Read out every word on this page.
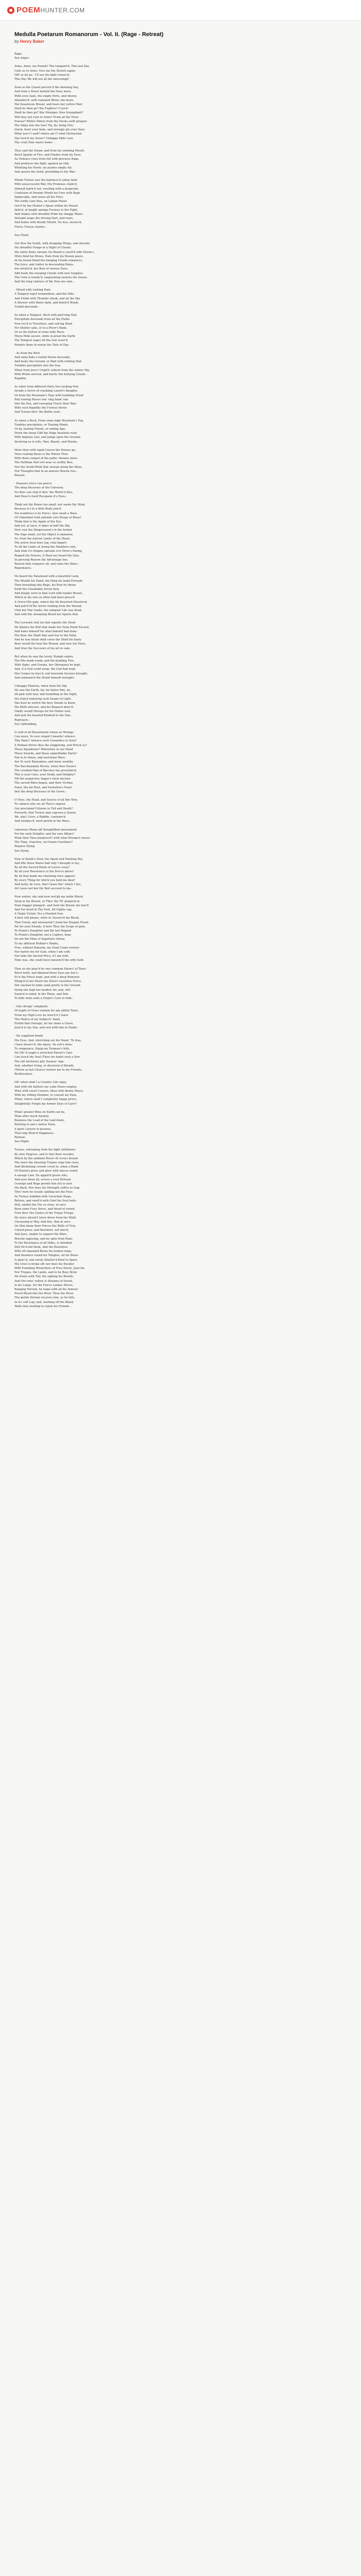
POEMHUNTER.COM
Medulla Poetarum Romanorum - Vol. II. (Rage - Retreat)
by Henry Baker
Rage.
See Anger.
Arms, Arms, my friends! The rampant'd, This last Day
Calls us to Arms: Give me the Streets again:
Off! or fat go - I'll see the fight renew'd;
This Day We will not all die unrevengd! -
Soon as the Queen perceiv'd the dawning Day,
And from a Tower beheld the Navy move
With even Sails, the empty Ports, and Shores
Abandon'd: with repeated Blows she beats
Her beauteous Breast, and tears her yellow Hair:
Shall he then go? the Fugitive? O Jove!
Shall he then go? this Stranger, thus triumphant?
Will they not rush to Arms? From all the Town
Pursue? Whilst Others from the Docks swift prepare
The Ships into the Sea? Fly, fly; bring Fire;
Quick, hoist your Sails, and strongly ply your Oars:
What was't I said? where am I? what Distraction
Has turn'd my Sense? Unhappy Dido! now
Thy cruel Fate stares home. -
Thus said the Swain; and from his smoking Mouth
Burst Sparks of Fire, and Flashes from his Eyes.
As Violence rises from full with precious Rage,
And produces the fight: against an Oak
Whetting his Horns, he pushes empty Air,
And spurns the Sand, prelulding to the War. -
Whom Turnus saw the hairness'd Latins faint
With unsuccessful War, His Promises claim'd,
Himself mark'd out; swelling with a desperate
Confusion of Dreams Wrath his Fury with Rage
Implacable, and raises all his Fires.
The lordly Lion thus, on Lybian Plains
Gor'd by the Hunter's Spear within his Breast
Infix'd, at length springs Furious to the Fight,
And shakes with dreadful Pride his shaggy Mane:
Intrepid snaps the driving Dart, and roars,
And foams with bloody Mouth. No less, incens'd,
Fierce Turnus storms:-
-
See Flood.
Out flew the South, with dropping Wings, and shrouds
His dreadful Visage in a Night of Clouds;
His white Hairs stream; his Beard is swell'd with Storm's,
Mists bind his Brows, Rain from his Bosom pours.
At his broad Hand the hanging Clouds romances,
The Juice, and clatter in descending Rains.
Iris entwin'd, her Bow of various Dyes,
Add feeds the weeping Clouds with new Supplies.
The Corn is totally'd, languishing mourns the Swain:
And the long Labours of the Year are vain. -
- Mixed with rushing Rain
A Tempest rag'd tremendous; and the Hills
And Fields with Thunder shook, and all the Sky
A Shower with Water dark, and finish'd Winds
Turbid descends.-
As when a Tempest, thick with part'ring Hail,
Precipitate descends from all the Fields
Now try'd to Travellers, and sail'ing Hind,
For Shelter sails, or in a River's Bank,
Or as the hollow of some lofty Rock:
There Hide secure, while in great the Earth
The Tempest rages till the Sun resor'd
Permits them to renew the Toils of Day. -
- As from the West
And rainy Kids a turbid Storm descends,
And beats the Ground, or filed with rattling Hail
Tumbles precipitate into the Sea;
When from Jove's Ungirls vehicle from the watery Sky
With Winds arrived, and bursts the bellying Clouds -
Rapidity.
As when from different Parts two rushing Pots
Invade a Grove of crackling Laurel's Boughts:
Or from the Mountain's Tops with tumbling Flood
Roll roaring Rivers tow 'ring foam' ran
Into the Sea, and sweeping Tracts their Way:
With such Rapidity the Furious Heros
And Turnus thro' the Battle rush.-
As when a Rock, From some high Mountain's Top,
Tumbles precipitate, or Tearing Winds,
Or by, tearing Floods, or ending Age,
Down the steep Cliff the Huge Insatiate rush:
With Impulse vast, and jumps upon the Ground;
Involving as it rolls, Men, Beasts, and Woods.-
More then with rapid Course the Horses go;
Then rushing Beers is the Winter Flow
With them compel of the paths' dreams show:
The Parthian Dart not near so swiftly flies,
Nor the South-Wind that sweeps along the Skies,
Nor Thoughts that in an anxious Bosom rise.-
Reason.
- Reason's force can pierce
The deep Recesses of the Universe;
No Bars can stop it thro' the World it flies,
And Heav'n itself Recopens it's Eyes.-
Think not thy Power too small: nor waste thy Mind,
Because it's to a little Body join'd:
For wondrous is its Force;- how small a Mass
Of Unbended Gold entends vast Heaps of Brass!
Think that is the Apple of the Eye:
And yet, at once, it takes in half the Sky.
How vast the Dimpression's in the formal
The Sign small, yet the Object is immense.
So, from the narrow Limits of thy Heart,
The active Soul does tug, vital Impart
To all the Limbs of, being the Members own,
And wide it's Empire spreads o'er Drive's Paring,
Regard thy Powers, O Reas'ner heard thy Size;
In piercing Reason thy Advantage lies;
Reason that conquers all, and rules the Skies.-
Repentance.
He heard the Falsehood with a mournful Look,
The Wealth his Hand, the Harp his hand Forsook:
Then bewailing into Rage, his Bow he throw
Swift the Unsuitable Arrow flew,
And deeply wore in that Lord with tender Breast,
Which in his own so often had been press'd.
A Grove-Vile gain, where the Ah dissolved Dissolved,
And pull'd th'He Arrow reeking from the Wound;
Chin her Fair Limbs, the rampant Life was dead;
And with the streaming Blood her Spirits fled.
The Lovesick God too late repents the Deed:
He blames the Bolt that made her Fatal Hand Exceed,
And hates himself for what himself had done:
The Bow, the Shaft that sent her to the Fatal,
And he was blush shall curse the Shaft his hasty
Bent would the heal the Wound, and rave her Piers,
And tries the Succours of his art in vain.
But when he saw the lovely Nymph expire,
The Pile made ready, and the kindling Fire;
With Sighs, and Groans, her Obsequies he kept,
And, if a God could weep, the God had wept.
Her Corpse he kiss'd, and heavenly Incense brought,
And solemniz'd the Death himself wrought.-
Unhappy Phaeton, when from the Sky
He saw the Earth, far, far below him, lie,
All pale with fear, and trembling at the Sight,
His trim'd enduring such Seams of Light,
Has best he wish'd the fiery Steeds to know,
His Birth obscure, and his Request deny'd:
Gladly would Merops for his Father own,
And quit his boasted Kindred to the Sun.-
Reproach.-
See Upbraiding.
O void of all Resentment whom no Wrongs
Can move, Ye ever stupid Cowards! whence
This Panic? whence such Cowardice in Soul?
A Woman drives thus the staggering, and Wreck us?
These Squadrons? Wherefore in our Hand
These Swords, and those unprofitable Darts?
Not in to Venus, and nocturnal Wars:
Are Ye such Ransomies, and more wealthy
The Bacchanalian Revels, when thee Fossics
The crooked Pipe of Bacchus has proclaim'd;
This is your Care, your Study, and Delights?
Till the auspicious Augur's show declare
The sacred Rites begun, and their Victims
Feast, the fat Host, and Invitation's Feast,
Into the deep Recesses of the Grove.-
O Thou, the Head, and Source of all this Woe;
To cabaret why we all Thou's impose
Our proclaimd Citizens to Toil and Death?
Forsooth, that Turnus may espouse a Queen,
We, alas! Lives; a Rabble, contemn'd,
And unobjus'd, must perish in the Wars.-
-
Laborious Mean old thoughtfiled amusement
For thy rank Delights; and thy own Affairs?
What then Thou purposest? with what Prospect weave
Thy Time, Unactive, on Ornate Carolines?
Requies Dying.
See Dying.
Now at Death's Door, the Spent and Fainting Sky,
And lifts those Wares half only I brought to lay;
By all the Sacred Rinds of Lovers sway?
By all your Reverence to the Pow'rs above!
By all that made me charming once appear!
By every Thing for which you held me dear!
And lastly, by Love, that Cause this' which I dye,
Ah! leave not her thy Bed succeed to me.-
Now winter, she said now wet'gh my noble Blood:
Deep in thy Breast, or Thro' the Th' property'd;
Youn Dagger plunged:- and Sent the Breast she bar'd:
And Yet stood in Thy Foot, All Gigilte cap,
A Virgin Victim: Yes a Hunded Sun:
A best will please, wilse in' Severe'd my Blood,
That Freely, and unwearied I stask the Stygian Flood;
Yet for your friends, if here Thee thy Scope of pain,
To Priam's Daughter and the last Regard
To Priam's Daughter, not a Captive, bear,
Do not the Mine of Sepulture refuse,
To my afflicted Mother's Hands,
Free, without Ransom, my Dead Corps restore:
Nor barter me for Gain, when I am cold;
Nor take the Sacred Price, if I am sold;
Time was, she could have ransom'd the with Gold.
Thus so she pray'd by one common Shows! of Tears
Burst forth, and dimmed those Eyes are her's;
Ev'n the Priest wept, and with a deep Remorse
Plung'd in her Heart the Steel's resistless Force.
Her slacken'd Limbs sunk gently to the Ground,
Dying she kept her modest Air, and, still
Seem'd to mind, in the Throe, and Pale
To hide what suits a Virgin's Care to hide.-
- One shrugs' complaint,
Of aught of Grace remain for any pitiful Tears,
From my High Love he won'd it I leave
The Malice of my Subjects' hand,
Forbid that Outrage, let me share a Grave,
Joyn'd to my Son, and rest with him in Death.-
- He supplient bends
His Eyes, And, stretching out his Hand; 'To true,
I have deserv'd; the injury, 'tis evil's done:
To vengeance, Equip my Purpose's bills.
Yet Oh! it ought a wretched Parent's Care
Can touch thy Soul (Thou too hadst such a Sire
The old Anchises) pity Daunus' Age:
And, whether living, or deceived of Breath,
(Throw as but Choice) restore me to my Friends.-
Restlessness.
Oh! when shall I a Country Life enjoy,
And with old Authors my calm Hours employ,
Wine with sweet Leisure, blest with downy Peace,
With my willing Slumber, to consult my Ease,
When, where shall I completely happy prove,
Delightfully Forget my former Days of Care?-
What! greater Bliss on Earth can be,
Than after much Anxiety,
Business the Load of the Laid down,
Retiring to one's native Town,
A quiet Leisure to possess,
That long Wish'd Happiness.-
Retreat.
See Flight.
Turnus, retreating from the fight withdraws
By slow Degrees, and to that Rear recedes,
Which by the ambient Rivers ill covers bound:
The more the shouting Trojans urge him close,
And thickening crowds crush in, when a Band
Of Hunters press and glow with lances round
A savage Lion: He appall'd grows Ahu,
And eyes them all, across a ever Retreat:
Courage and Rage permit him not to turn
His Back: Nor does his Strength suffice to leap
Thro' here he would; spilling not the Foes:
So Turnus hobbled with Uncertain Steps,
Retires, and swell'd with Grief his Soul boils.
Still, amidst the Foe so close, at once
Burn some Fury, fierce, and blood of sword,
Turn thro' the Centre of the Trojan Troops
He twice attack't twice drove from the Walls
Unceasing to Way, And flee, that at once
On Him alone their Forces the Walls of Troy,
United press; and therefore, not into'd,
And Juno, unable to support the Wars,
Bravely opposing, and he spite from Ruin;
To the Resistance of all Sides, is shielded;
Still He'd fail them, And the Resistless
With oft repeated Blows his helmet rings,
And thunders round his Temples, all his Brass
Is pierc'd, and sorely Shatter'd Knot to Spars,
His Crest is broke off; nor does his Buckler
With Founding Wrenchires of Foes thrust, Juan his
Nor Trojans, the Lands, and to he Busy Brow
He fronts with Toil; the sighing his Breath.
And Ore-runs' yellow is Streams of Sweat,
Is his Lungs, for the Fierce Lankes Moves,
Ranging Torrent, he leaps with all his Armour
Proud Blood into the River. Then the River.
The gentle Stream receives him, as he falls,
In it's soft Lap; and, washing off the Blood,
Wafts him exulting to rejoin his Friends.-
